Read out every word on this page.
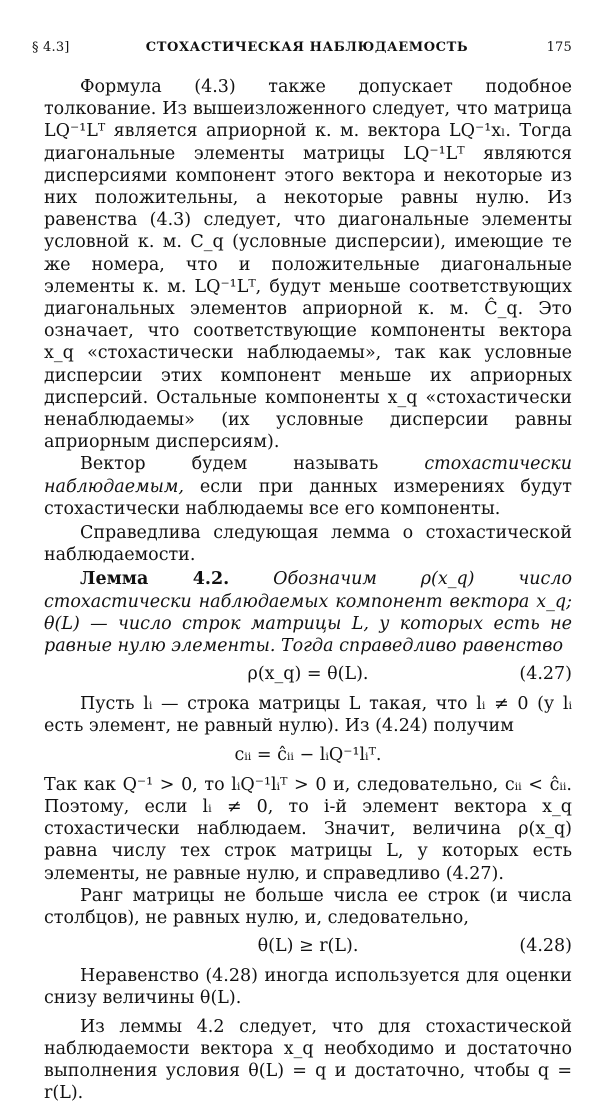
§ 4.3]	СТОХАСТИЧЕСКАЯ НАБЛЮДАЕМОСТЬ	175

Формула (4.3) также допускает подобное толкование. Из вышеизложенного следует, что матрица LQ⁻¹Lᵀ является априорной к. м. вектора LQ⁻¹xₗ. Тогда диагональные элементы матрицы LQ⁻¹Lᵀ являются дисперсиями компонент этого вектора и некоторые из них положительны, а некоторые равны нулю. Из равенства (4.3) следует, что диагональные элементы условной к. м. C_q (условные дисперсии), имеющие те же номера, что и положительные диагональные элементы к. м. LQ⁻¹Lᵀ, будут меньше соответствующих диагональных элементов априорной к. м. Ĉ_q. Это означает, что соответствующие компоненты вектора x_q «стохастически наблюдаемы», так как условные дисперсии этих компонент меньше их априорных дисперсий. Остальные компоненты x_q «стохастически ненаблюдаемы» (их условные дисперсии равны априорным дисперсиям).

Вектор будем называть стохастически наблюдаемым, если при данных измерениях будут стохастически наблюдаемы все его компоненты.

Справедлива следующая лемма о стохастической наблюдаемости.

Лемма 4.2. Обозначим ρ(x_q) число стохастически наблюдаемых компонент вектора x_q; θ(L) — число строк матрицы L, у которых есть не равные нулю элементы. Тогда справедливо равенство

ρ(x_q) = θ(L).	(4.27)

Пусть lᵢ — строка матрицы L такая, что lᵢ ≠ 0 (у lᵢ есть элемент, не равный нулю). Из (4.24) получим

cᵢᵢ = ĉᵢᵢ − lᵢQ⁻¹lᵢᵀ.

Так как Q⁻¹ > 0, то lᵢQ⁻¹lᵢᵀ > 0 и, следовательно, cᵢᵢ < ĉᵢᵢ. Поэтому, если lᵢ ≠ 0, то i-й элемент вектора x_q стохастически наблюдаем. Значит, величина ρ(x_q) равна числу тех строк матрицы L, у которых есть элементы, не равные нулю, и справедливо (4.27).

Ранг матрицы не больше числа ее строк (и числа столбцов), не равных нулю, и, следовательно,

θ(L) ≥ r(L).	(4.28)

Неравенство (4.28) иногда используется для оценки снизу величины θ(L).

Из леммы 4.2 следует, что для стохастической наблюдаемости вектора x_q необходимо и достаточно выполнения условия θ(L) = q и достаточно, чтобы q = r(L).
